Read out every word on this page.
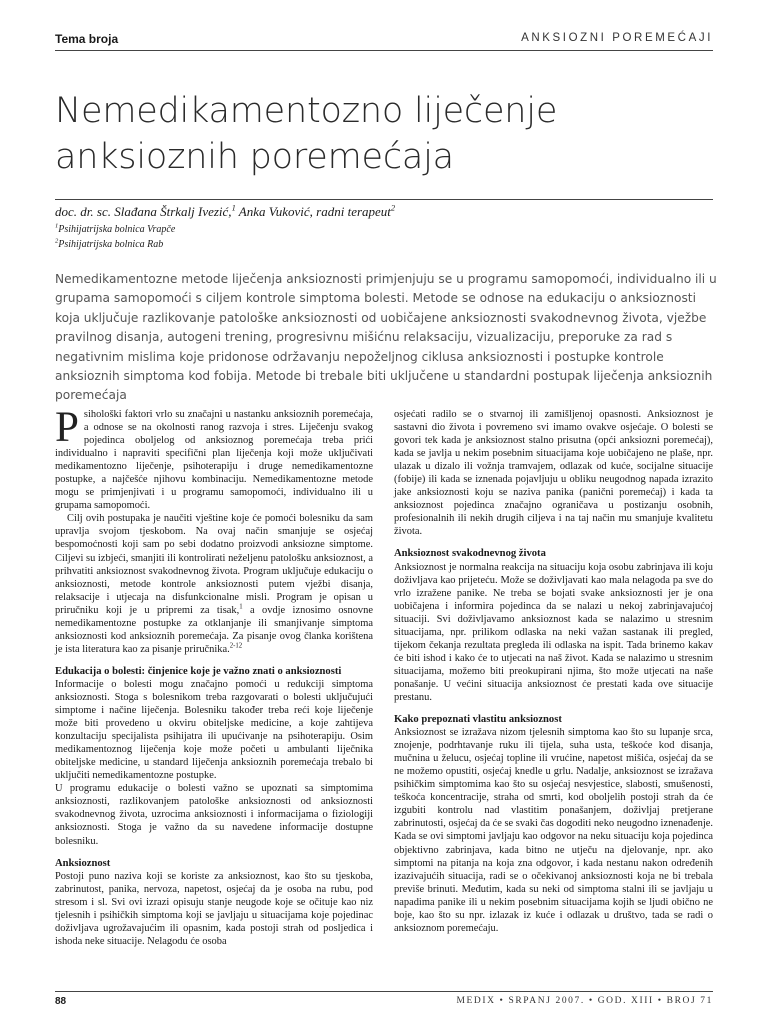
Tema broja	ANKSIOZNI POREMEĆAJI
Nemedikamentozno liječenje
anksioznih poremećaja
doc. dr. sc. Slađana Štrkalj Ivezić,$^1$ Anka Vuković, radni terapeut$^2$
$^1$Psihijatrijska bolnica Vrapče
$^2$Psihijatrijska bolnica Rab

Nemedikamentozne metode liječenja anksioznosti primjenjuju se u programu samopomoći, individualno ili u grupama samopomoći s ciljem kontrole simptoma bolesti. Metode se odnose na edukaciju o anksioznosti koja uključuje razlikovanje patološke anksioznosti od uobičajene anksioznosti svakodnevnog života, vježbe pravilnog disanja, autogeni trening, progresivnu mišićnu relaksaciju, vizualizaciju, preporuke za rad s negativnim mislima koje pridonose održavanju nepoželjnog ciklusa anksioznosti i postupke kontrole anksioznih simptoma kod fobija. Metode bi trebale biti uključene u standardni postupak liječenja anksioznih poremećaja

Psihološki faktori vrlo su značajni u nastanku anksioznih poremećaja, a odnose se na okolnosti ranog razvoja i stres. Liječenju svakog pojedinca oboljelog od anksioznog poremećaja treba prići individualno i napraviti specifični plan liječenja koji može uključivati medikamentozno liječenje, psihoterapiju i druge nemedikamentozne postupke, a najčešće njihovu kombinaciju. Nemedikamentozne metode mogu se primjenjivati i u programu samopomoći, individualno ili u grupama samopomoći.

Cilj ovih postupaka je naučiti vještine koje će pomoći bolesniku da sam upravlja svojom tjeskobom. Na ovaj način smanjuje se osjećaj bespomoćnosti koji sam po sebi dodatno proizvodi anksiozne simptome. Ciljevi su izbjeći, smanjiti ili kontrolirati neželjenu patološku anksioznost, a prihvatiti anksioznost svakodnevnog života. Program uključuje edukaciju o anksioznosti, metode kontrole anksioznosti putem vježbi disanja, relaksacije i utjecaja na disfunkcionalne misli. Program je opisan u priručniku koji je u pripremi za tisak,$^1$ a ovdje iznosimo osnovne nemedikamentozne postupke za otklanjanje ili smanjivanje simptoma anksioznosti kod anksioznih poremećaja. Za pisanje ovog članka korištena je ista literatura kao za pisanje priručnika.$^{2-12}$

Edukacija o bolesti: činjenice koje je važno znati o anksioznosti

Informacije o bolesti mogu značajno pomoći u redukciji simptoma anksioznosti. Stoga s bolesnikom treba razgovarati o bolesti uključujući simptome i načine liječenja. Bolesniku također treba reći koje liječenje može biti provedeno u okviru obiteljske medicine, a koje zahtijeva konzultaciju specijalista psihijatra ili upućivanje na psihoterapiju. Osim medikamentoznog liječenja koje može početi u ambulanti liječnika obiteljske medicine, u standard liječenja anksioznih poremećaja trebalo bi uključiti nemedikamentozne postupke.

U programu edukacije o bolesti važno se upoznati sa simptomima anksioznosti, razlikovanjem patološke anksioznosti od anksioznosti svakodnevnog života, uzrocima anksioznosti i informacijama o fiziologiji anksioznosti. Stoga je važno da su navedene informacije dostupne bolesniku.

Anksioznost

Postoji puno naziva koji se koriste za anksioznost, kao što su tjeskoba, zabrinutost, panika, nervoza, napetost, osjećaj da je osoba na rubu, pod stresom i sl. Svi ovi izrazi opisuju stanje neugode koje se očituje kao niz tjelesnih i psihičkih simptoma koji se javljaju u situacijama koje pojedinac doživljava ugrožavajućim ili opasnim, kada postoji strah od posljedica i ishoda neke situacije. Nelagodu će osoba

osjećati radilo se o stvarnoj ili zamišljenoj opasnosti. Anksioznost je sastavni dio života i povremeno svi imamo ovakve osjećaje. O bolesti se govori tek kada je anksioznost stalno prisutna (opći anksiozni poremećaj), kada se javlja u nekim posebnim situacijama koje uobičajeno ne plaše, npr. ulazak u dizalo ili vožnja tramvajem, odlazak od kuće, socijalne situacije (fobije) ili kada se iznenada pojavljuju u obliku neugodnog napada izrazito jake anksioznosti koju se naziva panika (panični poremećaj) i kada ta anksioznost pojedinca značajno ograničava u postizanju osobnih, profesionalnih ili nekih drugih ciljeva i na taj način mu smanjuje kvalitetu života.

Anksioznost svakodnevnog života

Anksioznost je normalna reakcija na situaciju koja osobu zabrinjava ili koju doživljava kao prijeteću. Može se doživljavati kao mala nelagoda pa sve do vrlo izražene panike. Ne treba se bojati svake anksioznosti jer je ona uobičajena i informira pojedinca da se nalazi u nekoj zabrinjavajućoj situaciji. Svi doživljavamo anksioznost kada se nalazimo u stresnim situacijama, npr. prilikom odlaska na neki važan sastanak ili pregled, tijekom čekanja rezultata pregleda ili odlaska na ispit. Tada brinemo kakav će biti ishod i kako će to utjecati na naš život. Kada se nalazimo u stresnim situacijama, možemo biti preokupirani njima, što može utjecati na naše ponašanje. U većini situacija anksioznost će prestati kada ove situacije prestanu.

Kako prepoznati vlastitu anksioznost

Anksioznost se izražava nizom tjelesnih simptoma kao što su lupanje srca, znojenje, podrhtavanje ruku ili tijela, suha usta, teškoće kod disanja, mučnina u želucu, osjećaj topline ili vrućine, napetost mišića, osjećaj da se ne možemo opustiti, osjećaj knedle u grlu. Nadalje, anksioznost se izražava psihičkim simptomima kao što su osjećaj nesvjestice, slabosti, smušenosti, teškoća koncentracije, straha od smrti, kod oboljelih postoji strah da će izgubiti kontrolu nad vlastitim ponašanjem, doživljaj pretjerane zabrinutosti, osjećaj da će se svaki čas dogoditi neko neugodno iznenađenje. Kada se ovi simptomi javljaju kao odgovor na neku situaciju koja pojedinca objektivno zabrinjava, kada bitno ne utječu na djelovanje, npr. ako simptomi na pitanja na koja zna odgovor, i kada nestanu nakon određenih izazivajućih situacija, radi se o očekivanoj anksioznosti koja ne bi trebala previše brinuti. Međutim, kada su neki od simptoma stalni ili se javljaju u napadima panike ili u nekim posebnim situacijama kojih se ljudi obično ne boje, kao što su npr. izlazak iz kuće i odlazak u društvo, tada se radi o anksioznom poremećaju.

88	MEDIX • SRPANJ 2007. • GOD. XIII • BROJ 71
